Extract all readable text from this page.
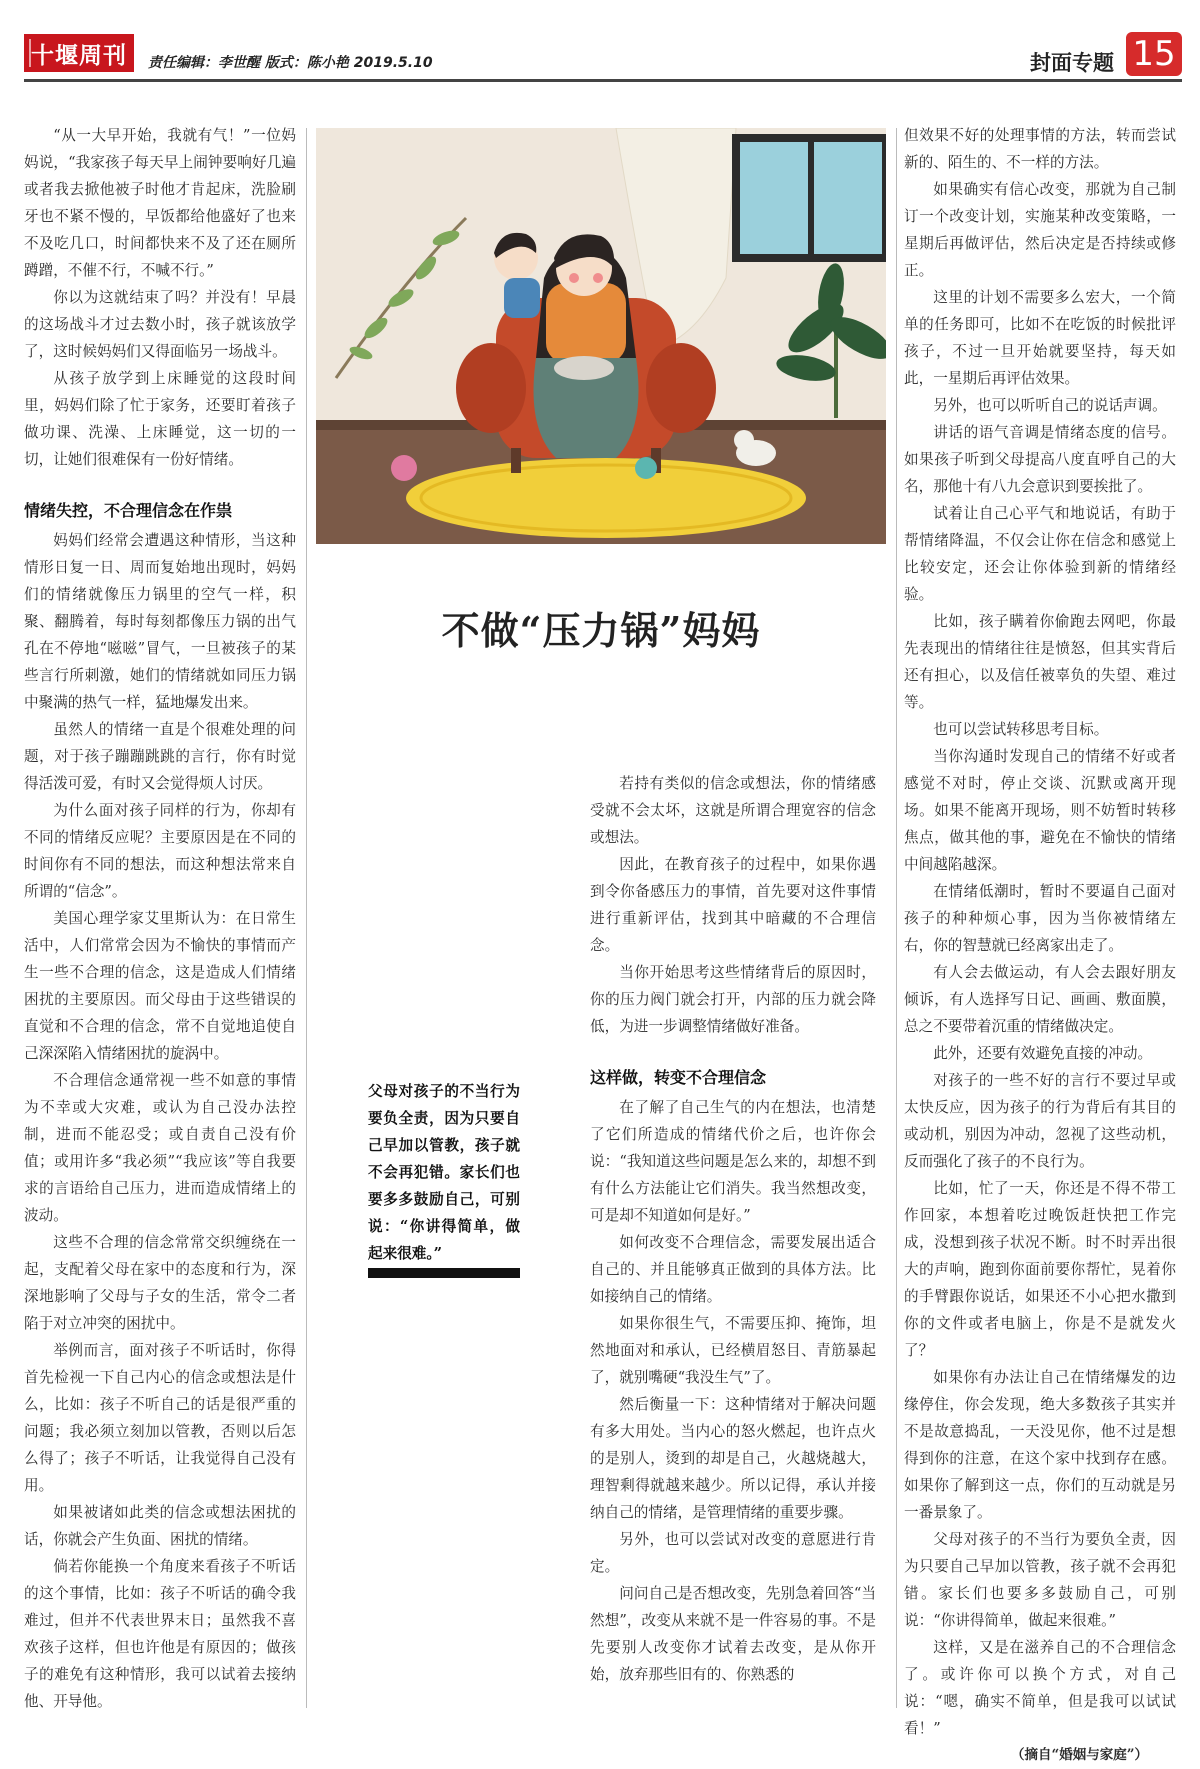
十堰周刊	责任编辑：李世醒 版式：陈小艳 2019.5.10	封面专题 15

“从一大早开始，我就有气！”一位妈妈说，“我家孩子每天早上闹钟要响好几遍或者我去掀他被子时他才肯起床，洗脸刷牙也不紧不慢的，早饭都给他盛好了也来不及吃几口，时间都快来不及了还在厕所蹲蹭，不催不行，不喊不行。”

你以为这就结束了吗？并没有！早晨的这场战斗才过去数小时，孩子就该放学了，这时候妈妈们又得面临另一场战斗。

从孩子放学到上床睡觉的这段时间里，妈妈们除了忙于家务，还要盯着孩子做功课、洗澡、上床睡觉，这一切的一切，让她们很难保有一份好情绪。

情绪失控，不合理信念在作祟

妈妈们经常会遭遇这种情形，当这种情形日复一日、周而复始地出现时，妈妈们的情绪就像压力锅里的空气一样，积聚、翻腾着，每时每刻都像压力锅的出气孔在不停地“嗞嗞”冒气，一旦被孩子的某些言行所刺激，她们的情绪就如同压力锅中聚满的热气一样，猛地爆发出来。

虽然人的情绪一直是个很难处理的问题，对于孩子蹦蹦跳跳的言行，你有时觉得活泼可爱，有时又会觉得烦人讨厌。

为什么面对孩子同样的行为，你却有不同的情绪反应呢？主要原因是在不同的时间你有不同的想法，而这种想法常来自所谓的“信念”。

美国心理学家艾里斯认为：在日常生活中，人们常常会因为不愉快的事情而产生一些不合理的信念，这是造成人们情绪困扰的主要原因。而父母由于这些错误的直觉和不合理的信念，常不自觉地追使自己深深陷入情绪困扰的旋涡中。

不合理信念通常视一些不如意的事情为不幸或大灾难，或认为自己没办法控制，进而不能忍受；或自责自己没有价值；或用许多“我必须”“我应该”等自我要求的言语给自己压力，进而造成情绪上的波动。

这些不合理的信念常常交织缠绕在一起，支配着父母在家中的态度和行为，深深地影响了父母与子女的生活，常令二者陷于对立冲突的困扰中。

举例而言，面对孩子不听话时，你得首先检视一下自己内心的信念或想法是什么，比如：孩子不听自己的话是很严重的问题；我必须立刻加以管教，否则以后怎么得了；孩子不听话，让我觉得自己没有用。

如果被诸如此类的信念或想法困扰的话，你就会产生负面、困扰的情绪。

倘若你能换一个角度来看孩子不听话的这个事情，比如：孩子不听话的确令我难过，但并不代表世界末日；虽然我不喜欢孩子这样，但也许他是有原因的；做孩子的难免有这种情形，我可以试着去接纳他、开导他。

不做“压力锅”妈妈
父母对孩子的不当行为要负全责，因为只要自己早加以管教，孩子就不会再犯错。家长们也要多多鼓励自己，可别说：“你讲得简单，做起来很难。”

若持有类似的信念或想法，你的情绪感受就不会太坏，这就是所谓合理宽容的信念或想法。

因此，在教育孩子的过程中，如果你遇到令你备感压力的事情，首先要对这件事情进行重新评估，找到其中暗藏的不合理信念。

当你开始思考这些情绪背后的原因时，你的压力阀门就会打开，内部的压力就会降低，为进一步调整情绪做好准备。

这样做，转变不合理信念

在了解了自己生气的内在想法，也清楚了它们所造成的情绪代价之后，也许你会说：“我知道这些问题是怎么来的，却想不到有什么方法能让它们消失。我当然想改变，可是却不知道如何是好。”

如何改变不合理信念，需要发展出适合自己的、并且能够真正做到的具体方法。比如接纳自己的情绪。

如果你很生气，不需要压抑、掩饰，坦然地面对和承认，已经横眉怒目、青筋暴起了，就别嘴硬“我没生气”了。

然后衡量一下：这种情绪对于解决问题有多大用处。当内心的怒火燃起，也许点火的是别人，烫到的却是自己，火越烧越大，理智剩得就越来越少。所以记得，承认并接纳自己的情绪，是管理情绪的重要步骤。

另外，也可以尝试对改变的意愿进行肯定。

问问自己是否想改变，先别急着回答“当然想”，改变从来就不是一件容易的事。不是先要别人改变你才试着去改变，是从你开始，放弃那些旧有的、你熟悉的

但效果不好的处理事情的方法，转而尝试新的、陌生的、不一样的方法。

如果确实有信心改变，那就为自己制订一个改变计划，实施某种改变策略，一星期后再做评估，然后决定是否持续或修正。

这里的计划不需要多么宏大，一个简单的任务即可，比如不在吃饭的时候批评孩子，不过一旦开始就要坚持，每天如此，一星期后再评估效果。

另外，也可以听听自己的说话声调。

讲话的语气音调是情绪态度的信号。如果孩子听到父母提高八度直呼自己的大名，那他十有八九会意识到要挨批了。

试着让自己心平气和地说话，有助于帮情绪降温，不仅会让你在信念和感觉上比较安定，还会让你体验到新的情绪经验。

比如，孩子瞒着你偷跑去网吧，你最先表现出的情绪往往是愤怒，但其实背后还有担心，以及信任被辜负的失望、难过等。

也可以尝试转移思考目标。

当你沟通时发现自己的情绪不好或者感觉不对时，停止交谈、沉默或离开现场。如果不能离开现场，则不妨暂时转移焦点，做其他的事，避免在不愉快的情绪中间越陷越深。

在情绪低潮时，暂时不要逼自己面对孩子的种种烦心事，因为当你被情绪左右，你的智慧就已经离家出走了。

有人会去做运动，有人会去跟好朋友倾诉，有人选择写日记、画画、敷面膜，总之不要带着沉重的情绪做决定。

此外，还要有效避免直接的冲动。

对孩子的一些不好的言行不要过早或太快反应，因为孩子的行为背后有其目的或动机，别因为冲动，忽视了这些动机，反而强化了孩子的不良行为。

比如，忙了一天，你还是不得不带工作回家，本想着吃过晚饭赶快把工作完成，没想到孩子状况不断。时不时弄出很大的声响，跑到你面前要你帮忙，晃着你的手臂跟你说话，如果还不小心把水撒到你的文件或者电脑上，你是不是就发火了？

如果你有办法让自己在情绪爆发的边缘停住，你会发现，绝大多数孩子其实并不是故意捣乱，一天没见你，他不过是想得到你的注意，在这个家中找到存在感。如果你了解到这一点，你们的互动就是另一番景象了。

父母对孩子的不当行为要负全责，因为只要自己早加以管教，孩子就不会再犯错。家长们也要多多鼓励自己，可别说：“你讲得简单，做起来很难。”

这样，又是在滋养自己的不合理信念了。或许你可以换个方式，对自己说：“嗯，确实不简单，但是我可以试试看！”

（摘自“婚姻与家庭”）
